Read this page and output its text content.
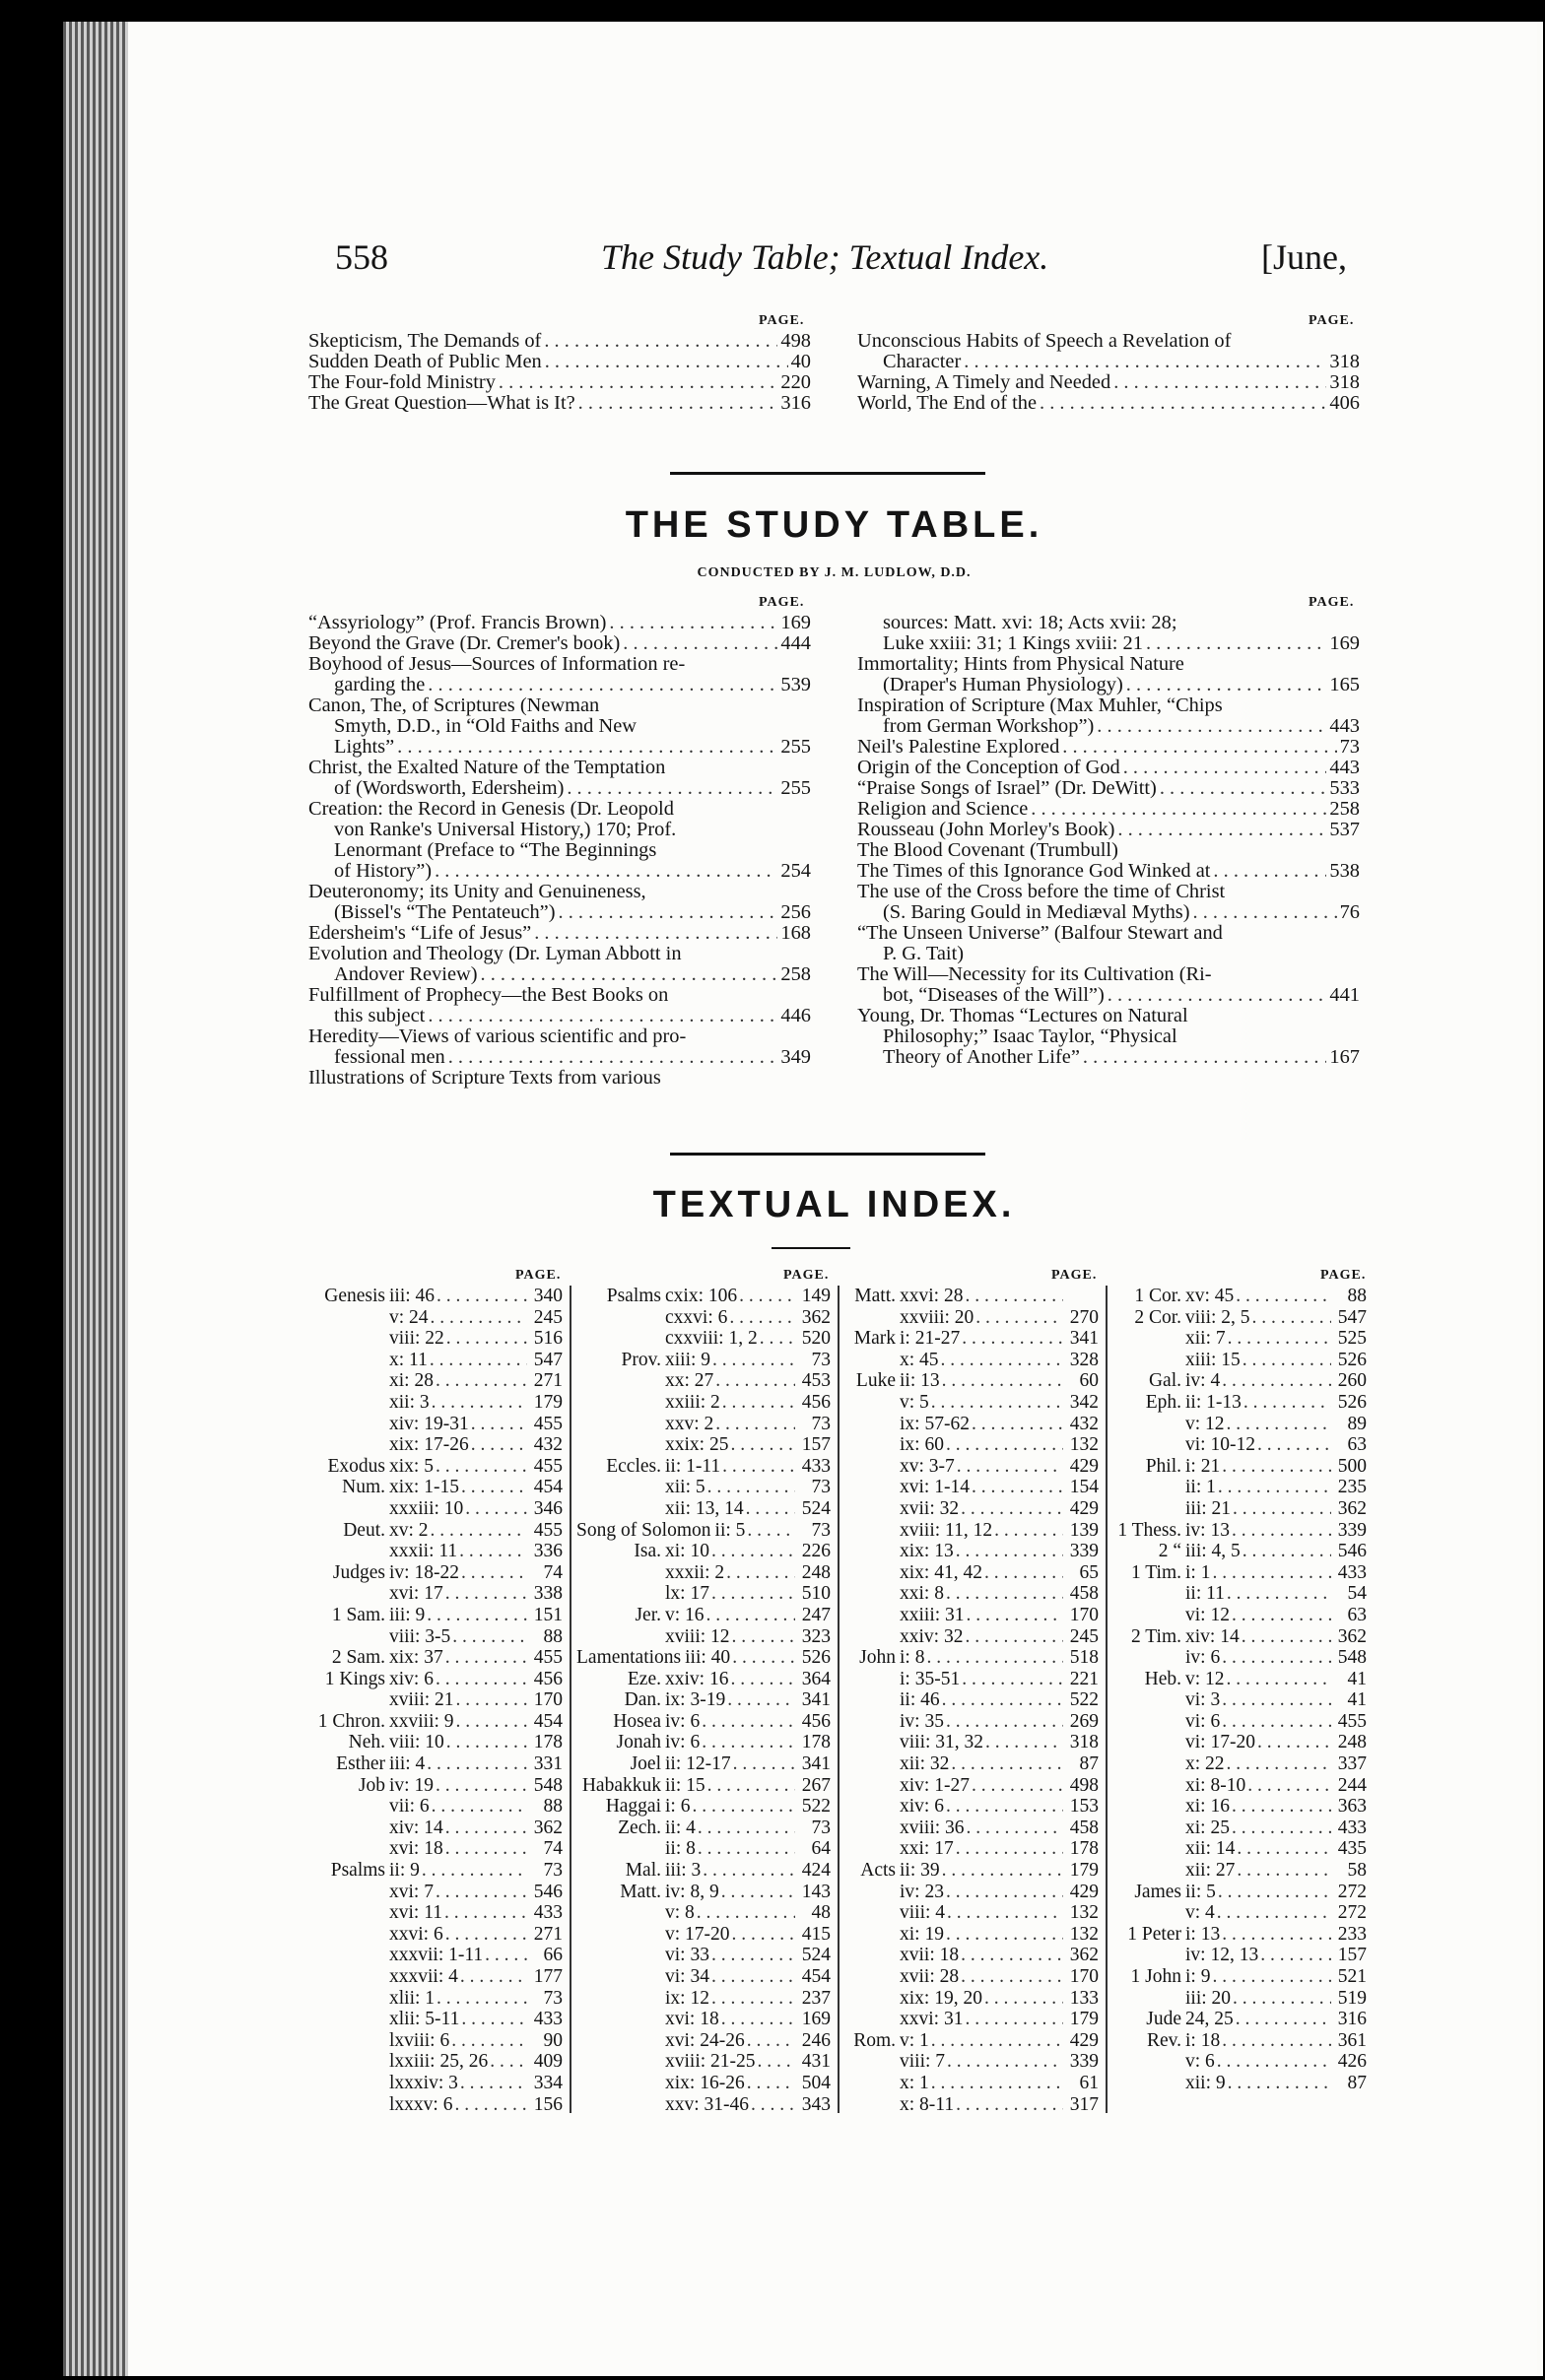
558	The Study Table; Textual Index.	[June,
PAGE.	PAGE.
Skepticism, The Demands of . . .	498
Sudden Death of Public Men . . .	40
The Four-fold Ministry . . .	220
The Great Question—What is It? . . .	316
Unconscious Habits of Speech a Revelation of
Character . . .	318
Warning, A Timely and Needed . . .	318
World, The End of the . . .	406
THE STUDY TABLE.
CONDUCTED BY J. M. LUDLOW, D.D.
PAGE.	PAGE.
“Assyriology” (Prof. Francis Brown) . . .	169
Beyond the Grave (Dr. Cremer's book) . . .	444
Boyhood of Jesus—Sources of Information re-
garding the . . .	539
Canon, The, of Scriptures (Newman
Smyth, D.D., in “Old Faiths and New
Lights” . . .	255
Christ, the Exalted Nature of the Temptation
of (Wordsworth, Edersheim) . . .	255
Creation: the Record in Genesis (Dr. Leopold
von Ranke's Universal History,) 170; Prof.
Lenormant (Preface to “The Beginnings
of History”) . . .	254
Deuteronomy; its Unity and Genuineness,
(Bissel's “The Pentateuch”) . . .	256
Edersheim's “Life of Jesus” . . .	168
Evolution and Theology (Dr. Lyman Abbott in
Andover Review) . . .	258
Fulfillment of Prophecy—the Best Books on
this subject . . .	446
Heredity—Views of various scientific and pro-
fessional men . . .	349
Illustrations of Scripture Texts from various
sources: Matt. xvi: 18; Acts xvii: 28;
Luke xxiii: 31; 1 Kings xviii: 21 . . .	169
Immortality; Hints from Physical Nature
(Draper's Human Physiology) . . .	165
Inspiration of Scripture (Max Muhler, “Chips
from German Workshop”) . . .	443
Neil's Palestine Explored . . .	73
Origin of the Conception of God . . .	443
“Praise Songs of Israel” (Dr. DeWitt) . . .	533
Religion and Science . . .	258
Rousseau (John Morley's Book) . . .	537
The Blood Covenant (Trumbull)
The Times of this Ignorance God Winked at . . .	538
The use of the Cross before the time of Christ
(S. Baring Gould in Mediæval Myths) . . .	76
“The Unseen Universe” (Balfour Stewart and
P. G. Tait)
The Will—Necessity for its Cultivation (Ri-
bot, “Diseases of the Will”) . . .	441
Young, Dr. Thomas “Lectures on Natural
Philosophy;” Isaac Taylor, “Physical
Theory of Another Life” . . .	167
TEXTUAL INDEX.
PAGE.	PAGE.	PAGE.	PAGE.
Genesis iii: 46 . . .	340
v: 24 . . .	245
viii: 22 . . .	516
x: 11 . . .	547
xi: 28 . . .	271
xii: 3 . . .	179
xiv: 19-31 . . .	455
xix: 17-26 . . .	432
Exodus xix: 5 . . .	455
Num. xix: 1-15 . . .	454
xxxiii: 10 . . .	346
Deut. xv: 2 . . .	455
xxxii: 11 . . .	336
Judges iv: 18-22 . . .	74
xvi: 17 . . .	338
1 Sam. iii: 9 . . .	151
viii: 3-5 . . .	88
2 Sam. xix: 37 . . .	455
1 Kings xiv: 6 . . .	456
xviii: 21 . . .	170
1 Chron. xxviii: 9 . . .	454
Neh. viii: 10 . . .	178
Esther iii: 4 . . .	331
Job iv: 19 . . .	548
vii: 6 . . .	88
xiv: 14 . . .	362
xvi: 18 . . .	74
Psalms ii: 9 . . .	73
xvi: 7 . . .	546
xvi: 11 . . .	433
xxvi: 6 . . .	271
xxxvii: 1-11 . . .	66
xxxvii: 4 . . .	177
xlii: 1 . . .	73
xlii: 5-11 . . .	433
lxviii: 6 . . .	90
lxxiii: 25, 26 . . . 409
lxxxiv: 3 . . .	334
lxxxv: 6 . . .	156
Psalms cxix: 106 . . .	149
cxxvi: 6 . . .	362
cxxviii: 1, 2 . . . 520
Prov. xiii: 9 . . .	73
xx: 27 . . .	453
xxiii: 2 . . .	456
xxv: 2 . . .	73
xxix: 25 . . .	157
Eccles. ii: 1-11 . . .	433
xii: 5 . . .	73
xii: 13, 14 . . .	524
Song of Solomon ii: 5 . . .	73
Isa. xi: 10 . . .	226
xxxii: 2 . . .	248
lx: 17 . . .	510
Jer. v: 16 . . .	247
xviii: 12 . . .	323
Lamentations iii: 40 . . .	526
Eze. xxiv: 16 . . .	364
Dan. ix: 3-19 . . .	341
Hosea iv: 6 . . .	456
Jonah iv: 6 . . .	178
Joel ii: 12-17 . . .	341
Habakkuk ii: 15 . . .	267
Haggai i: 6 . . .	522
Zech. ii: 4 . . .	73
ii: 8 . . .	64
Mal. iii: 3 . . .	424
Matt. iv: 8, 9 . . .	143
v: 8 . . .	48
v: 17-20 . . .	415
vi: 33 . . .	524
vi: 34 . . .	454
ix: 12 . . .	237
xvi: 18 . . .	169
xvi: 24-26 . . .	246
xviii: 21-25 . . . 431
xix: 16-26 . . .	504
xxv: 31-46 . . .	343
Matt. xxvi: 28
. . .
xxviii: 20 . . .	270
Mark i: 21-27 . . .	341
x: 45 . . .	328
Luke ii: 13 . . .	60
v: 5 . . .	342
ix: 57-62 . . .	432
ix: 60 . . .	132
xv: 3-7 . . .	429
xvi: 1-14 . . .	154
xvii: 32 . . .	429
xviii: 11, 12 . . .	139
xix: 13 . . .	339
xix: 41, 42 . . .	65
xxi: 8 . . .	458
xxiii: 31 . . .	170
xxiv: 32 . . .	245
John i: 8 . . .	518
i: 35-51 . . .	221
ii: 46 . . .	522
iv: 35 . . .	269
viii: 31, 32 . . .	318
xii: 32 . . .	87
xiv: 1-27 . . .	498
xiv: 6 . . .	153
xviii: 36 . . .	458
xxi: 17 . . .	178
Acts ii: 39 . . .	179
iv: 23 . . .	429
viii: 4 . . .	132
xi: 19 . . .	132
xvii: 18 . . .	362
xvii: 28 . . .	170
xix: 19, 20 . . .	133
xxvi: 31 . . .	179
Rom. v: 1 . . .	429
viii: 7 . . .	339
x: 1 . . .	61
x: 8-11 . . .	317
1 Cor. xv: 45 . . .	88
2 Cor. viii: 2, 5 . . .	547
xii: 7 . . .	525
xiii: 15 . . .	526
Gal. iv: 4 . . .	260
Eph. ii: 1-13 . . .	526
v: 12 . . .	89
vi: 10-12 . . .	63
Phil. i: 21 . . .	500
ii: 1 . . .	235
iii: 21 . . .	362
1 Thess. iv: 13 . . .	339
2 “ iii: 4, 5 . . .	546
1 Tim. i: 1 . . .	433
ii: 11 . . .	54
vi: 12 . . .	63
2 Tim. xiv: 14 . . .	362
iv: 6 . . .	548
Heb. v: 12 . . .	41
vi: 3 . . .	41
vi: 6 . . .	455
vi: 17-20 . . .	248
x: 22 . . .	337
xi: 8-10 . . .	244
xi: 16 . . .	363
xi: 25 . . .	433
xii: 14 . . .	435
xii: 27 . . .	58
James ii: 5 . . .	272
v: 4 . . .	272
1 Peter i: 13 . . .	233
iv: 12, 13 . . .	157
1 John i: 9 . . .	521
iii: 20 . . .	519
Jude 24, 25 . . .	316
Rev. i: 18 . . .	361
v: 6 . . .	426
xii: 9 . . .	87
